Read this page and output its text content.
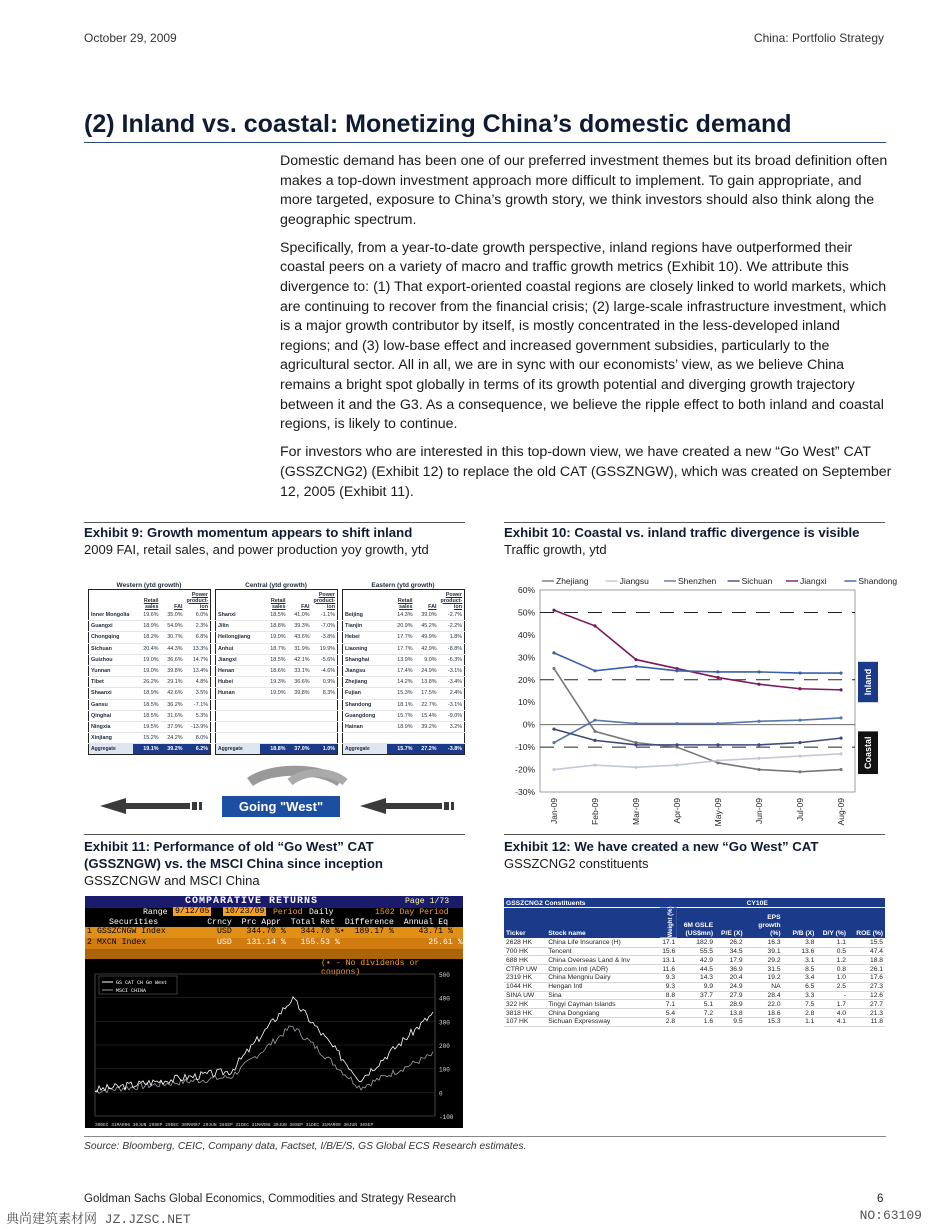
October 29, 2009	China: Portfolio Strategy
(2) Inland vs. coastal: Monetizing China’s domestic demand

Domestic demand has been one of our preferred investment themes but its broad definition often makes a top-down investment approach more difficult to implement. To gain appropriate, and more targeted, exposure to China’s growth story, we think investors should also think along the geographic spectrum.

Specifically, from a year-to-date growth perspective, inland regions have outperformed their coastal peers on a variety of macro and traffic growth metrics (Exhibit 10). We attribute this divergence to: (1) That export-oriented coastal regions are closely linked to world markets, which are continuing to recover from the financial crisis; (2) large-scale infrastructure investment, which is a major growth contributor by itself, is mostly concentrated in the less-developed inland regions; and (3) low-base effect and increased government subsidies, particularly to the agricultural sector. All in all, we are in sync with our economists’ view, as we believe China remains a bright spot globally in terms of its growth potential and diverging growth trajectory between it and the G3. As a consequence, we believe the ripple effect to both inland and coastal regions, is likely to continue.

For investors who are interested in this top-down view, we have created a new “Go West” CAT (GSSZCNG2) (Exhibit 12) to replace the old CAT (GSSZNGW), which was created on September 12, 2005 (Exhibit 11).

Exhibit 9: Growth momentum appears to shift inland
2009 FAI, retail sales, and power production yoy growth, ytd
Western (ytd growth)
	Retail sales	FAI	Power product-ion
Inner Mongolia	19.6%	35.0%	6.0%
Guangxi	18.9%	54.9%	2.3%
Chongqing	18.2%	30.7%	6.8%
Sichuan	20.4%	44.3%	13.3%
Guizhou	19.0%	36.6%	14.7%
Yunnan	19.0%	39.8%	13.4%
Tibet	26.2%	29.1%	4.8%
Shaanxi	18.9%	42.6%	3.5%
Gansu	18.5%	36.2%	-7.1%
Qinghai	18.5%	31.6%	5.3%
Ningxia	19.5%	37.9%	-13.9%
Xinjiang	15.2%	24.2%	8.0%
Aggregate	19.1%	39.2%	6.2%
Central (ytd growth)
	Retail sales	FAI	Power product-ion
Shanxi	18.5%	41.0%	-1.1%
Jilin	18.8%	39.3%	-7.0%
Heilongjiang	19.0%	43.6%	-3.8%
Anhui	18.7%	31.9%	19.9%
Jiangxi	18.5%	42.1%	-5.6%
Henan	18.6%	33.1%	-4.6%
Hubei	19.3%	36.6%	0.9%
Hunan	19.0%	39.8%	8.3%

Aggregate	18.8%	37.0%	1.0%
Eastern (ytd growth)
	Retail sales	FAI	Power product-ion
Beijing	14.3%	39.0%	-2.7%
Tianjin	20.9%	45.2%	-2.2%
Hebei	17.7%	49.9%	1.8%
Liaoning	17.7%	42.9%	-8.8%
Shanghai	13.9%	9.0%	-6.3%
Jiangsu	17.4%	24.9%	-3.1%
Zhejiang	14.2%	13.8%	-3.4%
Fujian	15.3%	17.5%	2.4%
Shandong	18.1%	22.7%	-3.1%
Guangdong	15.7%	15.4%	-9.0%
Hainan	18.9%	39.2%	3.2%

Aggregate	15.7%	27.2%	-3.8%
Going "West"
Exhibit 10: Coastal vs. inland traffic divergence is visible
Traffic growth, ytd
60%
50%
40%
30%
20%
10%
0%
-10%
-20%
-30%
Jan-09	Feb-09	Mar-09	Apr-09	May-09	Jun-09	Jul-09	Aug-09
Zhejiang	Jiangsu	Shenzhen	Sichuan	Jiangxi	Shandong
Inland
Coastal
Exhibit 11: Performance of old “Go West” CAT (GSSZNGW) vs. the MSCI China since inception
GSSZCNGW and MSCI China
COMPARATIVE RETURNS	Page 1/73
Range 9/12/05 10/23/09 Period Daily	1502 Day Period
Securities          Crncy  Prc Appr  Total Ret  Difference  Annual Eq
1 GSSZCNGW Index	USD   344.70 %   344.70 %•  189.17 %     43.71 %
2 MXCN Index	USD   131.14 %   155.53 %                  25.61 %
(• - No dividends or coupons)	500
400
300
200
100
0
-100
30DEC 31MAR06 30JUN 29SEP 29DEC 30MAR07 29JUN 28SEP 31DEC 31MAR08 30JUN 30SEP 31DEC 31MAR09 30JUN 30SEP
GS CAT CH Go West
MSCI CHINA
Exhibit 12: We have created a new “Go West” CAT
GSSZCNG2 constituents
GSSZCNG2 Constituents					CY10E			
Ticker	Stock name	Weight (%)	6M GSLE (US$mn)	P/E (X)	EPS growth (%)	P/B (X)	D/Y (%)	ROE (%)
2628 HK	China Life Insurance (H)	17.1	182.9	26.2	16.3	3.8	1.1	15.5
700 HK	Tencent	15.6	55.5	34.5	39.1	13.6	0.5	47.4
688 HK	China Overseas Land & Inv	13.1	42.9	17.9	29.2	3.1	1.2	18.8
CTRP UW	Ctrip.com Intl (ADR)	11.6	44.5	36.9	31.5	8.5	0.8	26.1
2319 HK	China Mengniu Dairy	9.3	14.3	20.4	19.2	3.4	1.0	17.6
1044 HK	Hengan Intl	9.3	9.9	24.9	NA	6.5	2.5	27.3
SINA UW	Sina	8.8	37.7	27.9	28.4	3.3	-	12.6
322 HK	Tingyi Cayman Islands	7.1	5.1	28.9	22.0	7.5	1.7	27.7
3818 HK	China Dongxiang	5.4	7.2	13.8	18.6	2.8	4.0	21.3
107 HK	Sichuan Expressway	2.8	1.6	9.5	15.3	1.1	4.1	11.8
Source: Bloomberg, CEIC, Company data, Factset, I/B/E/S, GS Global ECS Research estimates.
Goldman Sachs Global Economics, Commodities and Strategy Research	6
典尚建筑素材网 JZ.JZSC.NET	NO:63109
